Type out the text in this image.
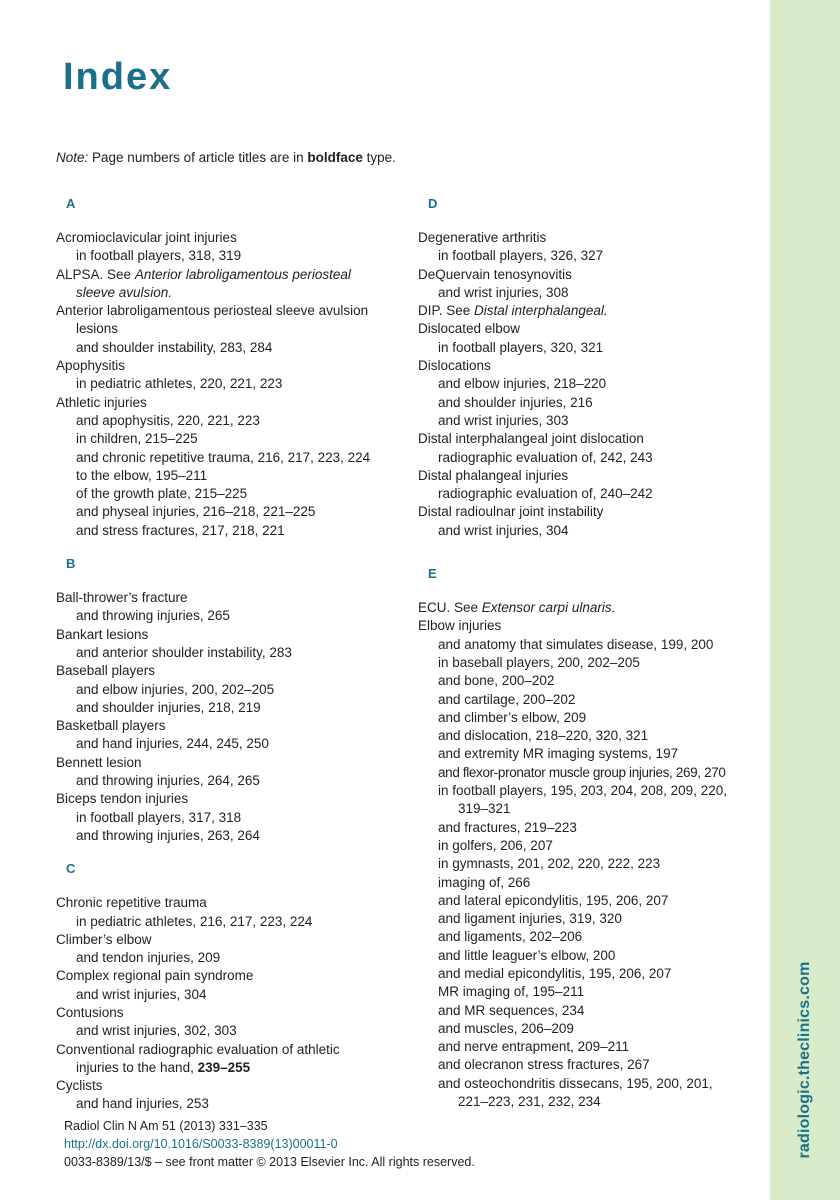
radiologic.theclinics.com
Index
Note: Page numbers of article titles are in boldface type.
A
Acromioclavicular joint injuries
in football players, 318, 319
ALPSA. See Anterior labroligamentous periosteal
sleeve avulsion.
Anterior labroligamentous periosteal sleeve avulsion
lesions
and shoulder instability, 283, 284
Apophysitis
in pediatric athletes, 220, 221, 223
Athletic injuries
and apophysitis, 220, 221, 223
in children, 215–225
and chronic repetitive trauma, 216, 217, 223, 224
to the elbow, 195–211
of the growth plate, 215–225
and physeal injuries, 216–218, 221–225
and stress fractures, 217, 218, 221
B
Ball-thrower’s fracture
and throwing injuries, 265
Bankart lesions
and anterior shoulder instability, 283
Baseball players
and elbow injuries, 200, 202–205
and shoulder injuries, 218, 219
Basketball players
and hand injuries, 244, 245, 250
Bennett lesion
and throwing injuries, 264, 265
Biceps tendon injuries
in football players, 317, 318
and throwing injuries, 263, 264
C
Chronic repetitive trauma
in pediatric athletes, 216, 217, 223, 224
Climber’s elbow
and tendon injuries, 209
Complex regional pain syndrome
and wrist injuries, 304
Contusions
and wrist injuries, 302, 303
Conventional radiographic evaluation of athletic
injuries to the hand, 239–255
Cyclists
and hand injuries, 253
D
Degenerative arthritis
in football players, 326, 327
DeQuervain tenosynovitis
and wrist injuries, 308
DIP. See Distal interphalangeal.
Dislocated elbow
in football players, 320, 321
Dislocations
and elbow injuries, 218–220
and shoulder injuries, 216
and wrist injuries, 303
Distal interphalangeal joint dislocation
radiographic evaluation of, 242, 243
Distal phalangeal injuries
radiographic evaluation of, 240–242
Distal radioulnar joint instability
and wrist injuries, 304
E
ECU. See Extensor carpi ulnaris.
Elbow injuries
and anatomy that simulates disease, 199, 200
in baseball players, 200, 202–205
and bone, 200–202
and cartilage, 200–202
and climber’s elbow, 209
and dislocation, 218–220, 320, 321
and extremity MR imaging systems, 197
and flexor-pronator muscle group injuries, 269, 270
in football players, 195, 203, 204, 208, 209, 220,
319–321
and fractures, 219–223
in golfers, 206, 207
in gymnasts, 201, 202, 220, 222, 223
imaging of, 266
and lateral epicondylitis, 195, 206, 207
and ligament injuries, 319, 320
and ligaments, 202–206
and little leaguer’s elbow, 200
and medial epicondylitis, 195, 206, 207
MR imaging of, 195–211
and MR sequences, 234
and muscles, 206–209
and nerve entrapment, 209–211
and olecranon stress fractures, 267
and osteochondritis dissecans, 195, 200, 201,
221–223, 231, 232, 234
Radiol Clin N Am 51 (2013) 331–335
http://dx.doi.org/10.1016/S0033-8389(13)00011-0
0033-8389/13/$ – see front matter © 2013 Elsevier Inc. All rights reserved.
